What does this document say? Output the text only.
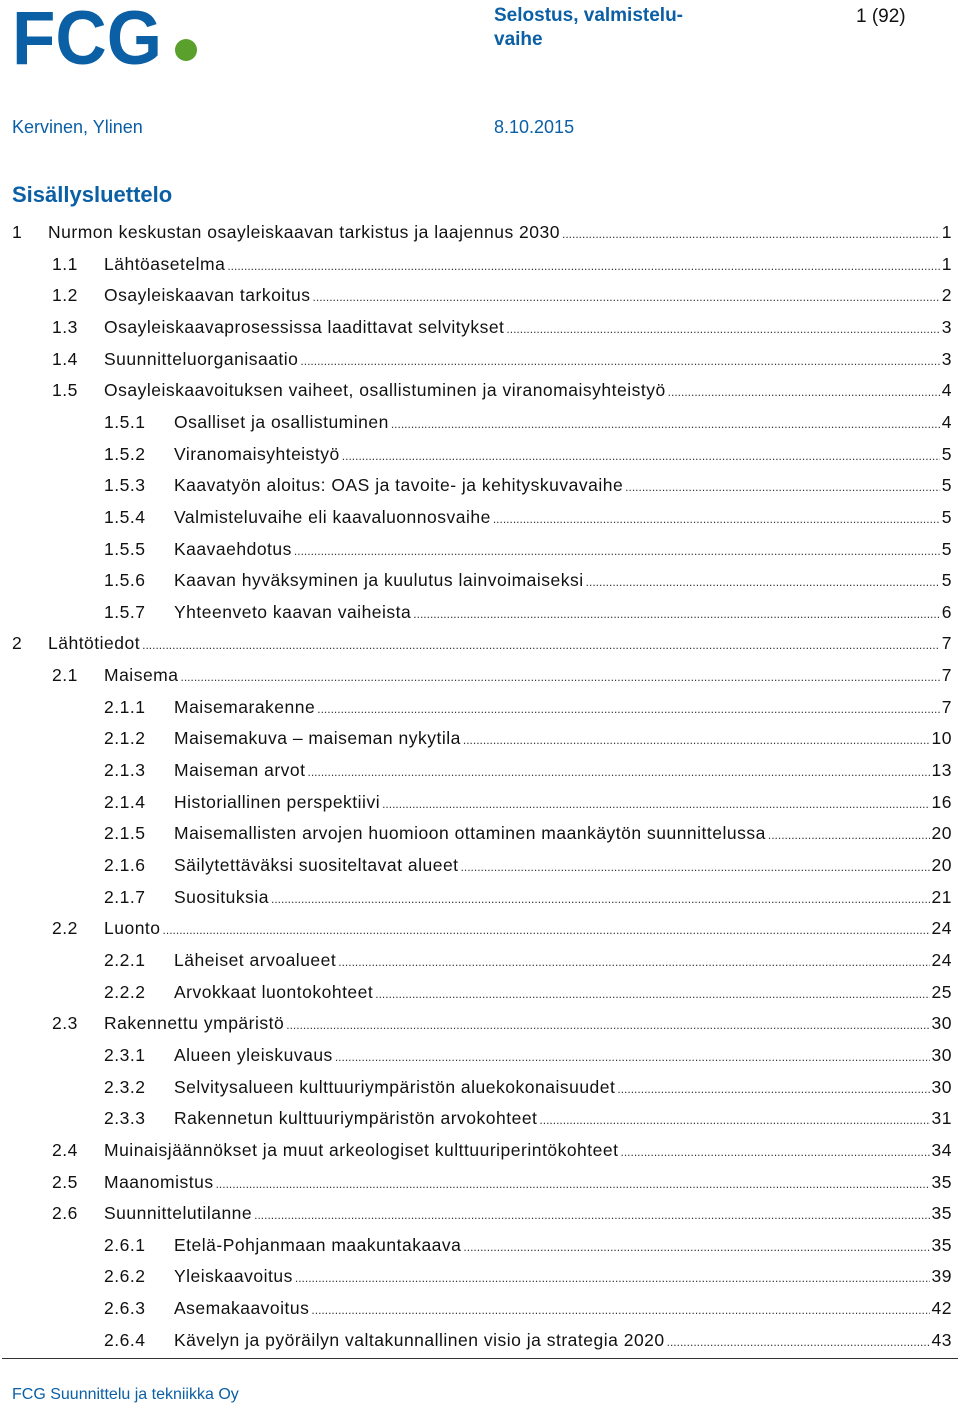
FCG	Selostus, valmistelu-
vaihe
1 (92)
Kervinen, Ylinen	8.10.2015
Sisällysluettelo
1	Nurmon keskustan osayleiskaavan tarkistus ja laajennus 2030 .....	1
1.1	Lähtöasetelma .....	1
1.2	Osayleiskaavan tarkoitus .....	2
1.3	Osayleiskaavaprosessissa laadittavat selvitykset .....	3
1.4	Suunnitteluorganisaatio .....	3
1.5	Osayleiskaavoituksen vaiheet, osallistuminen ja viranomaisyhteistyö .....	4
1.5.1	Osalliset ja osallistuminen .....	4
1.5.2	Viranomaisyhteistyö .....	5
1.5.3	Kaavatyön aloitus: OAS ja tavoite- ja kehityskuvavaihe .....	5
1.5.4	Valmisteluvaihe eli kaavaluonnosvaihe .....	5
1.5.5	Kaavaehdotus .....	5
1.5.6	Kaavan hyväksyminen ja kuulutus lainvoimaiseksi .....	5
1.5.7	Yhteenveto kaavan vaiheista .....	6
2	Lähtötiedot .....	7
2.1	Maisema .....	7
2.1.1	Maisemarakenne .....	7
2.1.2	Maisemakuva – maiseman nykytila .....	10
2.1.3	Maiseman arvot .....	13
2.1.4	Historiallinen perspektiivi .....	16
2.1.5	Maisemallisten arvojen huomioon ottaminen maankäytön suunnittelussa .....	20
2.1.6	Säilytettäväksi suositeltavat alueet .....	20
2.1.7	Suosituksia .....	21
2.2	Luonto .....	24
2.2.1	Läheiset arvoalueet .....	24
2.2.2	Arvokkaat luontokohteet .....	25
2.3	Rakennettu ympäristö .....	30
2.3.1	Alueen yleiskuvaus .....	30
2.3.2	Selvitysalueen kulttuuriympäristön aluekokonaisuudet .....	30
2.3.3	Rakennetun kulttuuriympäristön arvokohteet .....	31
2.4	Muinaisjäännökset ja muut arkeologiset kulttuuriperintökohteet .....	34
2.5	Maanomistus .....	35
2.6	Suunnittelutilanne .....	35
2.6.1	Etelä-Pohjanmaan maakuntakaava .....	35
2.6.2	Yleiskaavoitus .....	39
2.6.3	Asemakaavoitus .....	42
2.6.4	Kävelyn ja pyöräilyn valtakunnallinen visio ja strategia 2020 .....	43
FCG Suunnittelu ja tekniikka Oy
